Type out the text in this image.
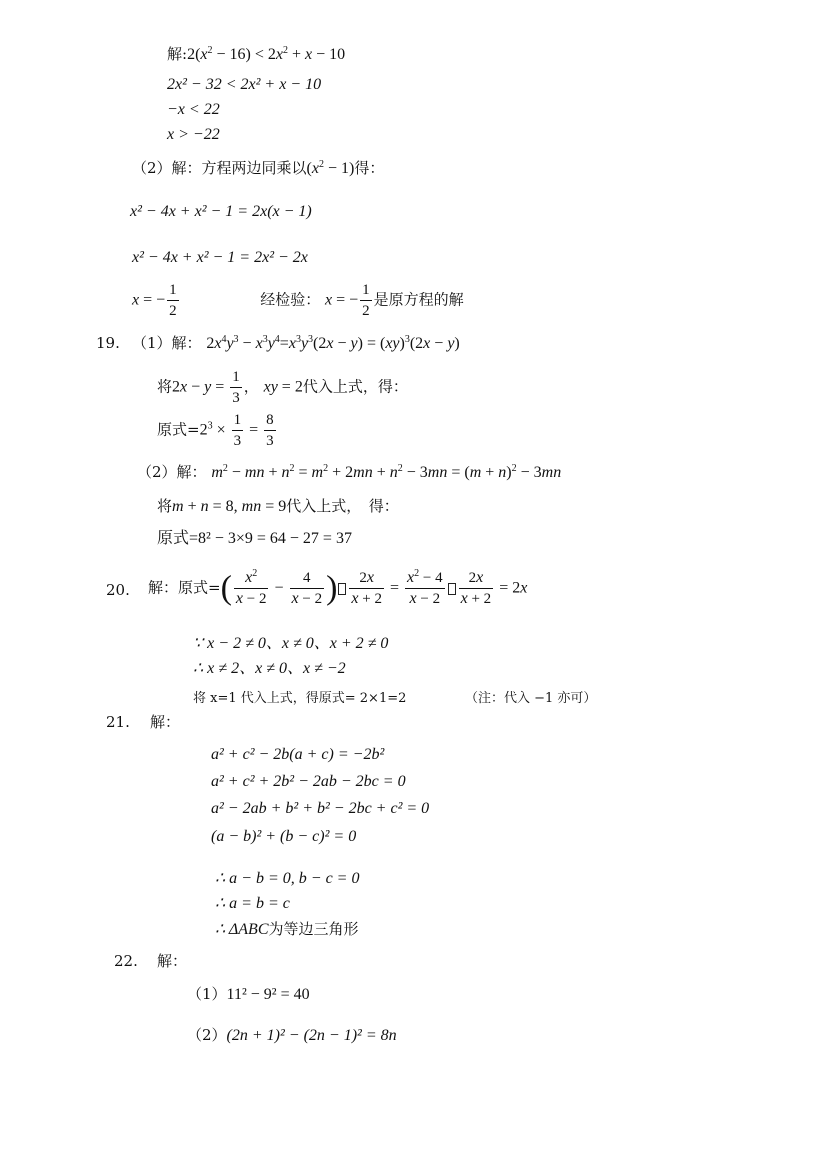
解$:2(x^2 - 16) < 2x^2 + x - 10$
2x² − 32 < 2x² + x − 10
−x < 22
x > −22
（2）解：方程两边同乘以$(x^2 - 1)$得：
x² − 4x + x² − 1 = 2x(x − 1)
x² − 4x + x² − 1 = 2x² − 2x
x = − $\frac{1}{2}$	经检验： x = − $\frac{1}{2}$ 是原方程的解
19. （1）解： $2x^4y^3 - x^3y^4=x^3y^3(2x - y) = (xy)^3(2x - y)$
将$2x - y = \frac{1}{3}$ ， xy = 2代入上式，得：
原式$=2^3 \times \frac{1}{3} = \frac{8}{3}$
（2）解： $m^2$ − mn + $n^2 = m^2 + 2mn + n^2 - 3mn = (m + n)^2 - 3mn$
将m + n = 8, mn = 9代入上式，　得：
原式=8² − 3×9 = 64 − 27 = 37
20. 解：原式=( $\frac{x^2}{x - 2} - \frac{4}{x - 2}$ ) $\frac{2x}{x + 2} = \frac{x^2 - 4}{x - 2} \frac{2x}{x + 2} = 2x$
∵ x − 2 ≠ 0、x ≠ 0、x + 2 ≠ 0
∴ x ≠ 2、x ≠ 0、x ≠ −2
将 x=1 代入上式，得原式= 2×1=2	（注：代入 −1 亦可）
21. 解：
a² + c² − 2b(a + c) = −2b²
a² + c² + 2b² − 2ab − 2bc = 0
a² − 2ab + b² + b² − 2bc + c² = 0
(a − b)² + (b − c)² = 0
∴ a − b = 0, b − c = 0
∴ a = b = c
∴ ΔABC为等边三角形
22. 解：
（1）11² − 9² = 40
（2）(2n + 1)² − (2n − 1)² = 8n
